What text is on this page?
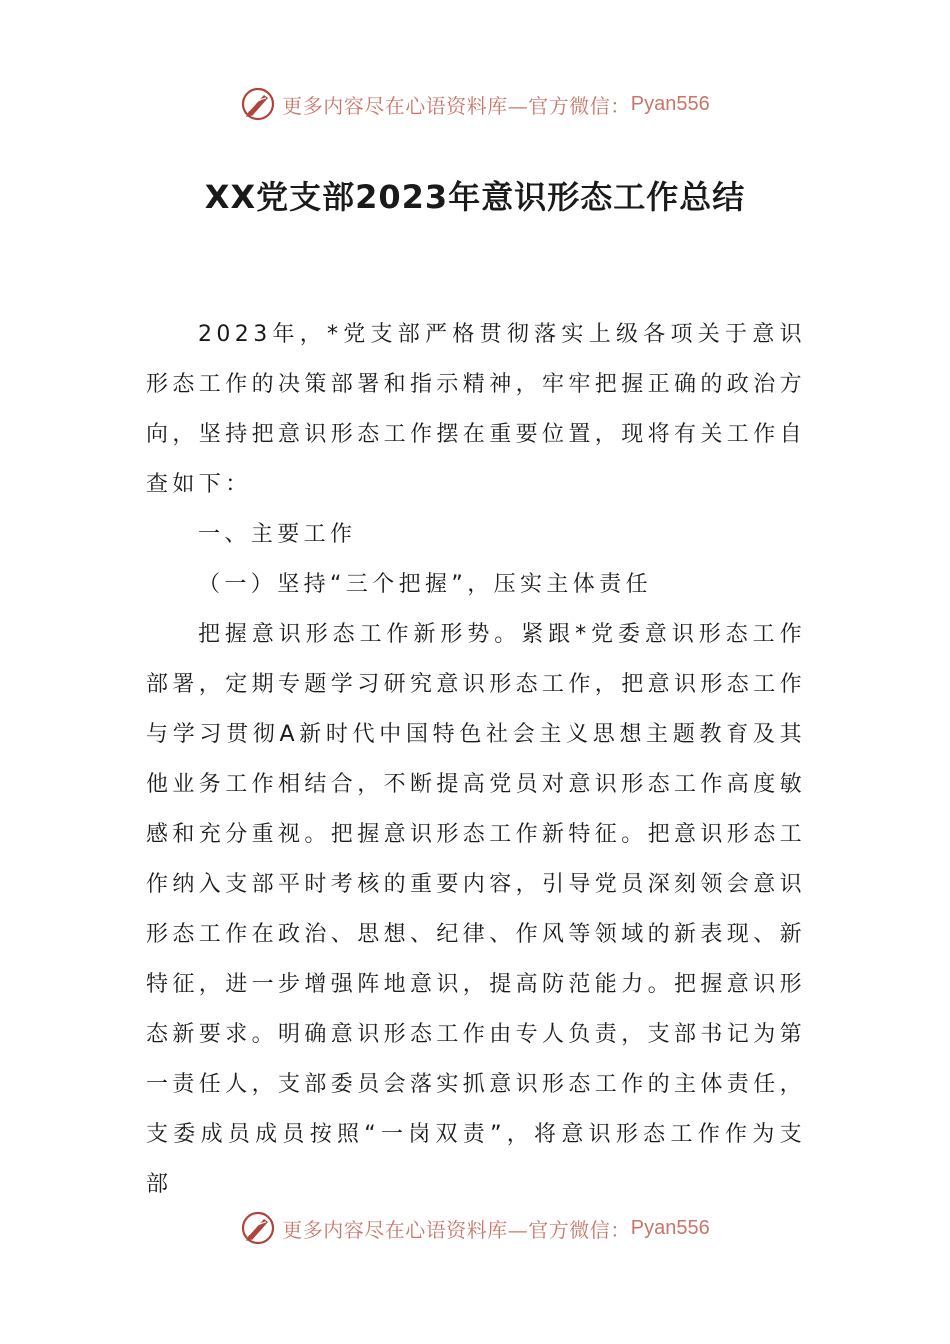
更多内容尽在心语资料库—官方微信： Pyan556
XX党支部2023年意识形态工作总结

2023年，*党支部严格贯彻落实上级各项关于意识形态工作的决策部署和指示精神，牢牢把握正确的政治方向，坚持把意识形态工作摆在重要位置，现将有关工作自查如下：

一、主要工作

（一）坚持“三个把握”，压实主体责任

把握意识形态工作新形势。紧跟*党委意识形态工作部署，定期专题学习研究意识形态工作，把意识形态工作与学习贯彻A新时代中国特色社会主义思想主题教育及其他业务工作相结合，不断提高党员对意识形态工作高度敏感和充分重视。把握意识形态工作新特征。把意识形态工作纳入支部平时考核的重要内容，引导党员深刻领会意识形态工作在政治、思想、纪律、作风等领域的新表现、新特征，进一步增强阵地意识，提高防范能力。把握意识形态新要求。明确意识形态工作由专人负责，支部书记为第一责任人，支部委员会落实抓意识形态工作的主体责任，支委成员成员按照“一岗双责”，将意识形态工作作为支部

更多内容尽在心语资料库—官方微信： Pyan556
